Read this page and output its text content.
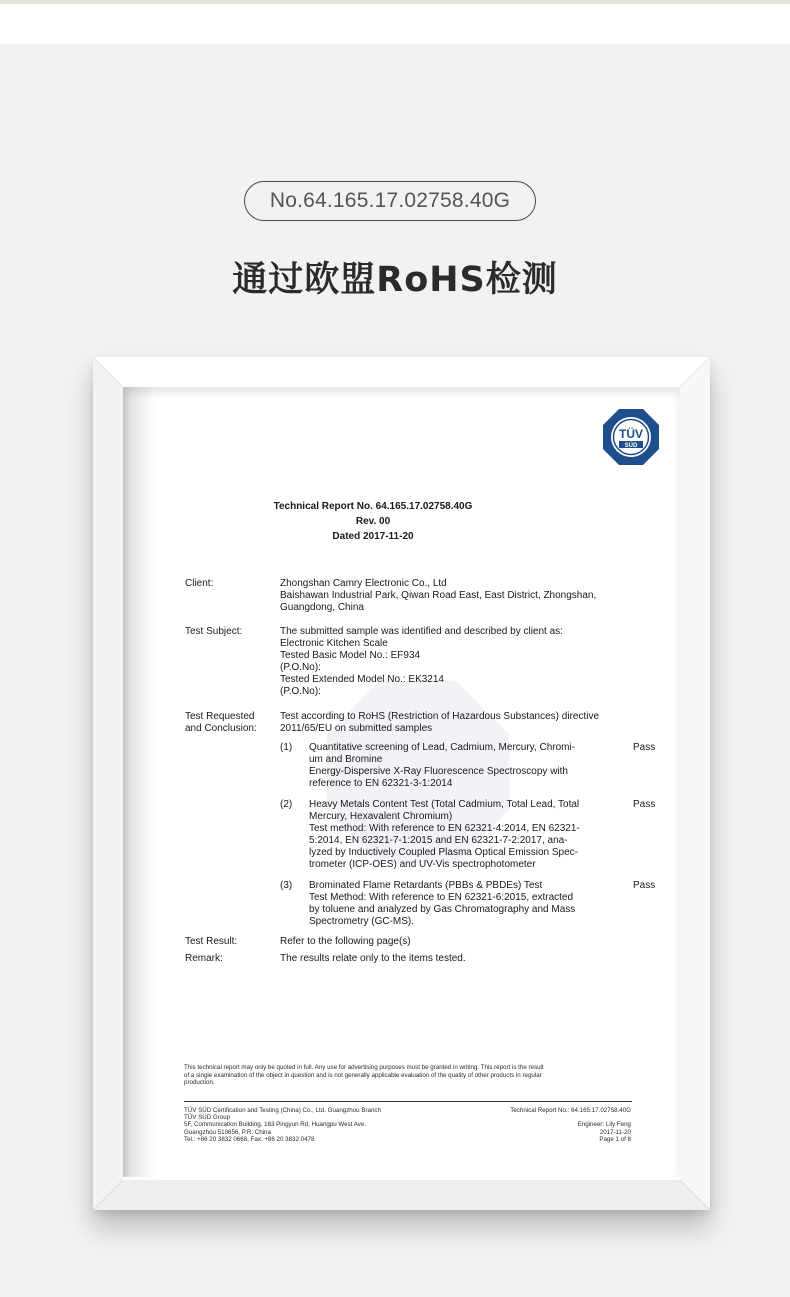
No.64.165.17.02758.40G
通过欧盟RoHS检测
TÜV
SÜD
Technical Report No. 64.165.17.02758.40G
Rev. 00
Dated 2017-11-20
Client:	Zhongshan Camry Electronic Co., Ltd
Baishawan Industrial Park, Qiwan Road East, East District, Zhongshan,
Guangdong, China
Test Subject:	The submitted sample was identified and described by client as:
Electronic Kitchen Scale
Tested Basic Model No.: EF934
(P.O.No):
Tested Extended Model No.: EK3214
(P.O.No):
Test Requested
and Conclusion:
Test according to RoHS (Restriction of Hazardous Substances) directive
2011/65/EU on submitted samples
(1) Quantitative screening of Lead, Cadmium, Mercury, Chromi-
um and Bromine
Energy-Dispersive X-Ray Fluorescence Spectroscopy with
reference to EN 62321-3-1:2014
Pass
(2) Heavy Metals Content Test (Total Cadmium, Total Lead, Total
Mercury, Hexavalent Chromium)
Test method: With reference to EN 62321-4:2014, EN 62321-
5:2014, EN 62321-7-1:2015 and EN 62321-7-2:2017, ana-
lyzed by Inductively Coupled Plasma Optical Emission Spec-
trometer (ICP-OES) and UV-Vis spectrophotometer
Pass
(3) Brominated Flame Retardants (PBBs & PBDEs) Test
Test Method: With reference to EN 62321-6:2015, extracted
by toluene and analyzed by Gas Chromatography and Mass
Spectrometry (GC-MS).
Pass
Test Result:	Refer to the following page(s)
Remark:	The results relate only to the items tested.
This technical report may only be quoted in full. Any use for advertising purposes must be granted in writing. This report is the result
of a single examination of the object in question and is not generally applicable evaluation of the quality of other products in regular
production.
TÜV SÜD Certification and Testing (China) Co., Ltd. Guangzhou Branch
TÜV SÜD Group
5F, Communication Building, 163 Pingyun Rd, Huangpu West Ave.
Guangzhou 510656, P.R. China
Tel.: +86 20 3832 0668, Fax: +86 20 3832 0478
Technical Report No.: 64.165.17.02758.40G

Engineer: Lily Feng
2017-11-20
Page 1 of 8
